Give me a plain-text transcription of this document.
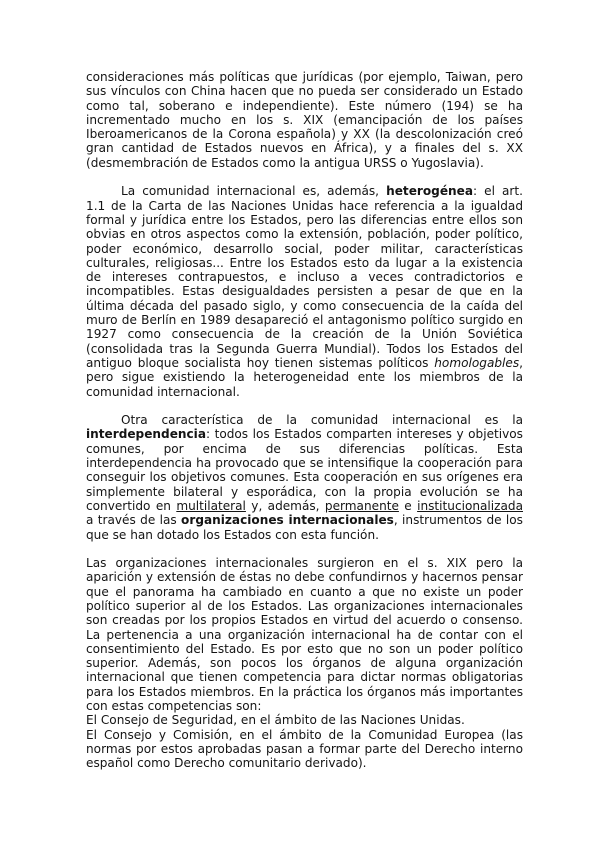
consideraciones más políticas que jurídicas (por ejemplo, Taiwan, pero sus vínculos con China hacen que no pueda ser considerado un Estado como tal, soberano e independiente). Este número (194) se ha incrementado mucho en los s. XIX (emancipación de los países Iberoamericanos de la Corona española) y XX (la descolonización creó gran cantidad de Estados nuevos en África), y a finales del s. XX (desmembración de Estados como la antigua URSS o Yugoslavia).

La comunidad internacional es, además, heterogénea: el art. 1.1 de la Carta de las Naciones Unidas hace referencia a la igualdad formal y jurídica entre los Estados, pero las diferencias entre ellos son obvias en otros aspectos como la extensión, población, poder político, poder económico, desarrollo social, poder militar, características culturales, religiosas... Entre los Estados esto da lugar a la existencia de intereses contrapuestos, e incluso a veces contradictorios e incompatibles. Estas desigualdades persisten a pesar de que en la última década del pasado siglo, y como consecuencia de la caída del muro de Berlín en 1989 desapareció el antagonismo político surgido en 1927 como consecuencia de la creación de la Unión Soviética (consolidada tras la Segunda Guerra Mundial). Todos los Estados del antiguo bloque socialista hoy tienen sistemas políticos homologables, pero sigue existiendo la heterogeneidad ente los miembros de la comunidad internacional.

Otra característica de la comunidad internacional es la interdependencia: todos los Estados comparten intereses y objetivos comunes, por encima de sus diferencias políticas. Esta interdependencia ha provocado que se intensifique la cooperación para conseguir los objetivos comunes. Esta cooperación en sus orígenes era simplemente bilateral y esporádica, con la propia evolución se ha convertido en multilateral y, además, permanente e institucionalizada a través de las organizaciones internacionales, instrumentos de los que se han dotado los Estados con esta función.

Las organizaciones internacionales surgieron en el s. XIX pero la aparición y extensión de éstas no debe confundirnos y hacernos pensar que el panorama ha cambiado en cuanto a que no existe un poder político superior al de los Estados. Las organizaciones internacionales son creadas por los propios Estados en virtud del acuerdo o consenso. La pertenencia a una organización internacional ha de contar con el consentimiento del Estado. Es por esto que no son un poder político superior. Además, son pocos los órganos de alguna organización internacional que tienen competencia para dictar normas obligatorias para los Estados miembros. En la práctica los órganos más importantes con estas competencias son:

El Consejo de Seguridad, en el ámbito de las Naciones Unidas.

El Consejo y Comisión, en el ámbito de la Comunidad Europea (las normas por estos aprobadas pasan a formar parte del Derecho interno español como Derecho comunitario derivado).
